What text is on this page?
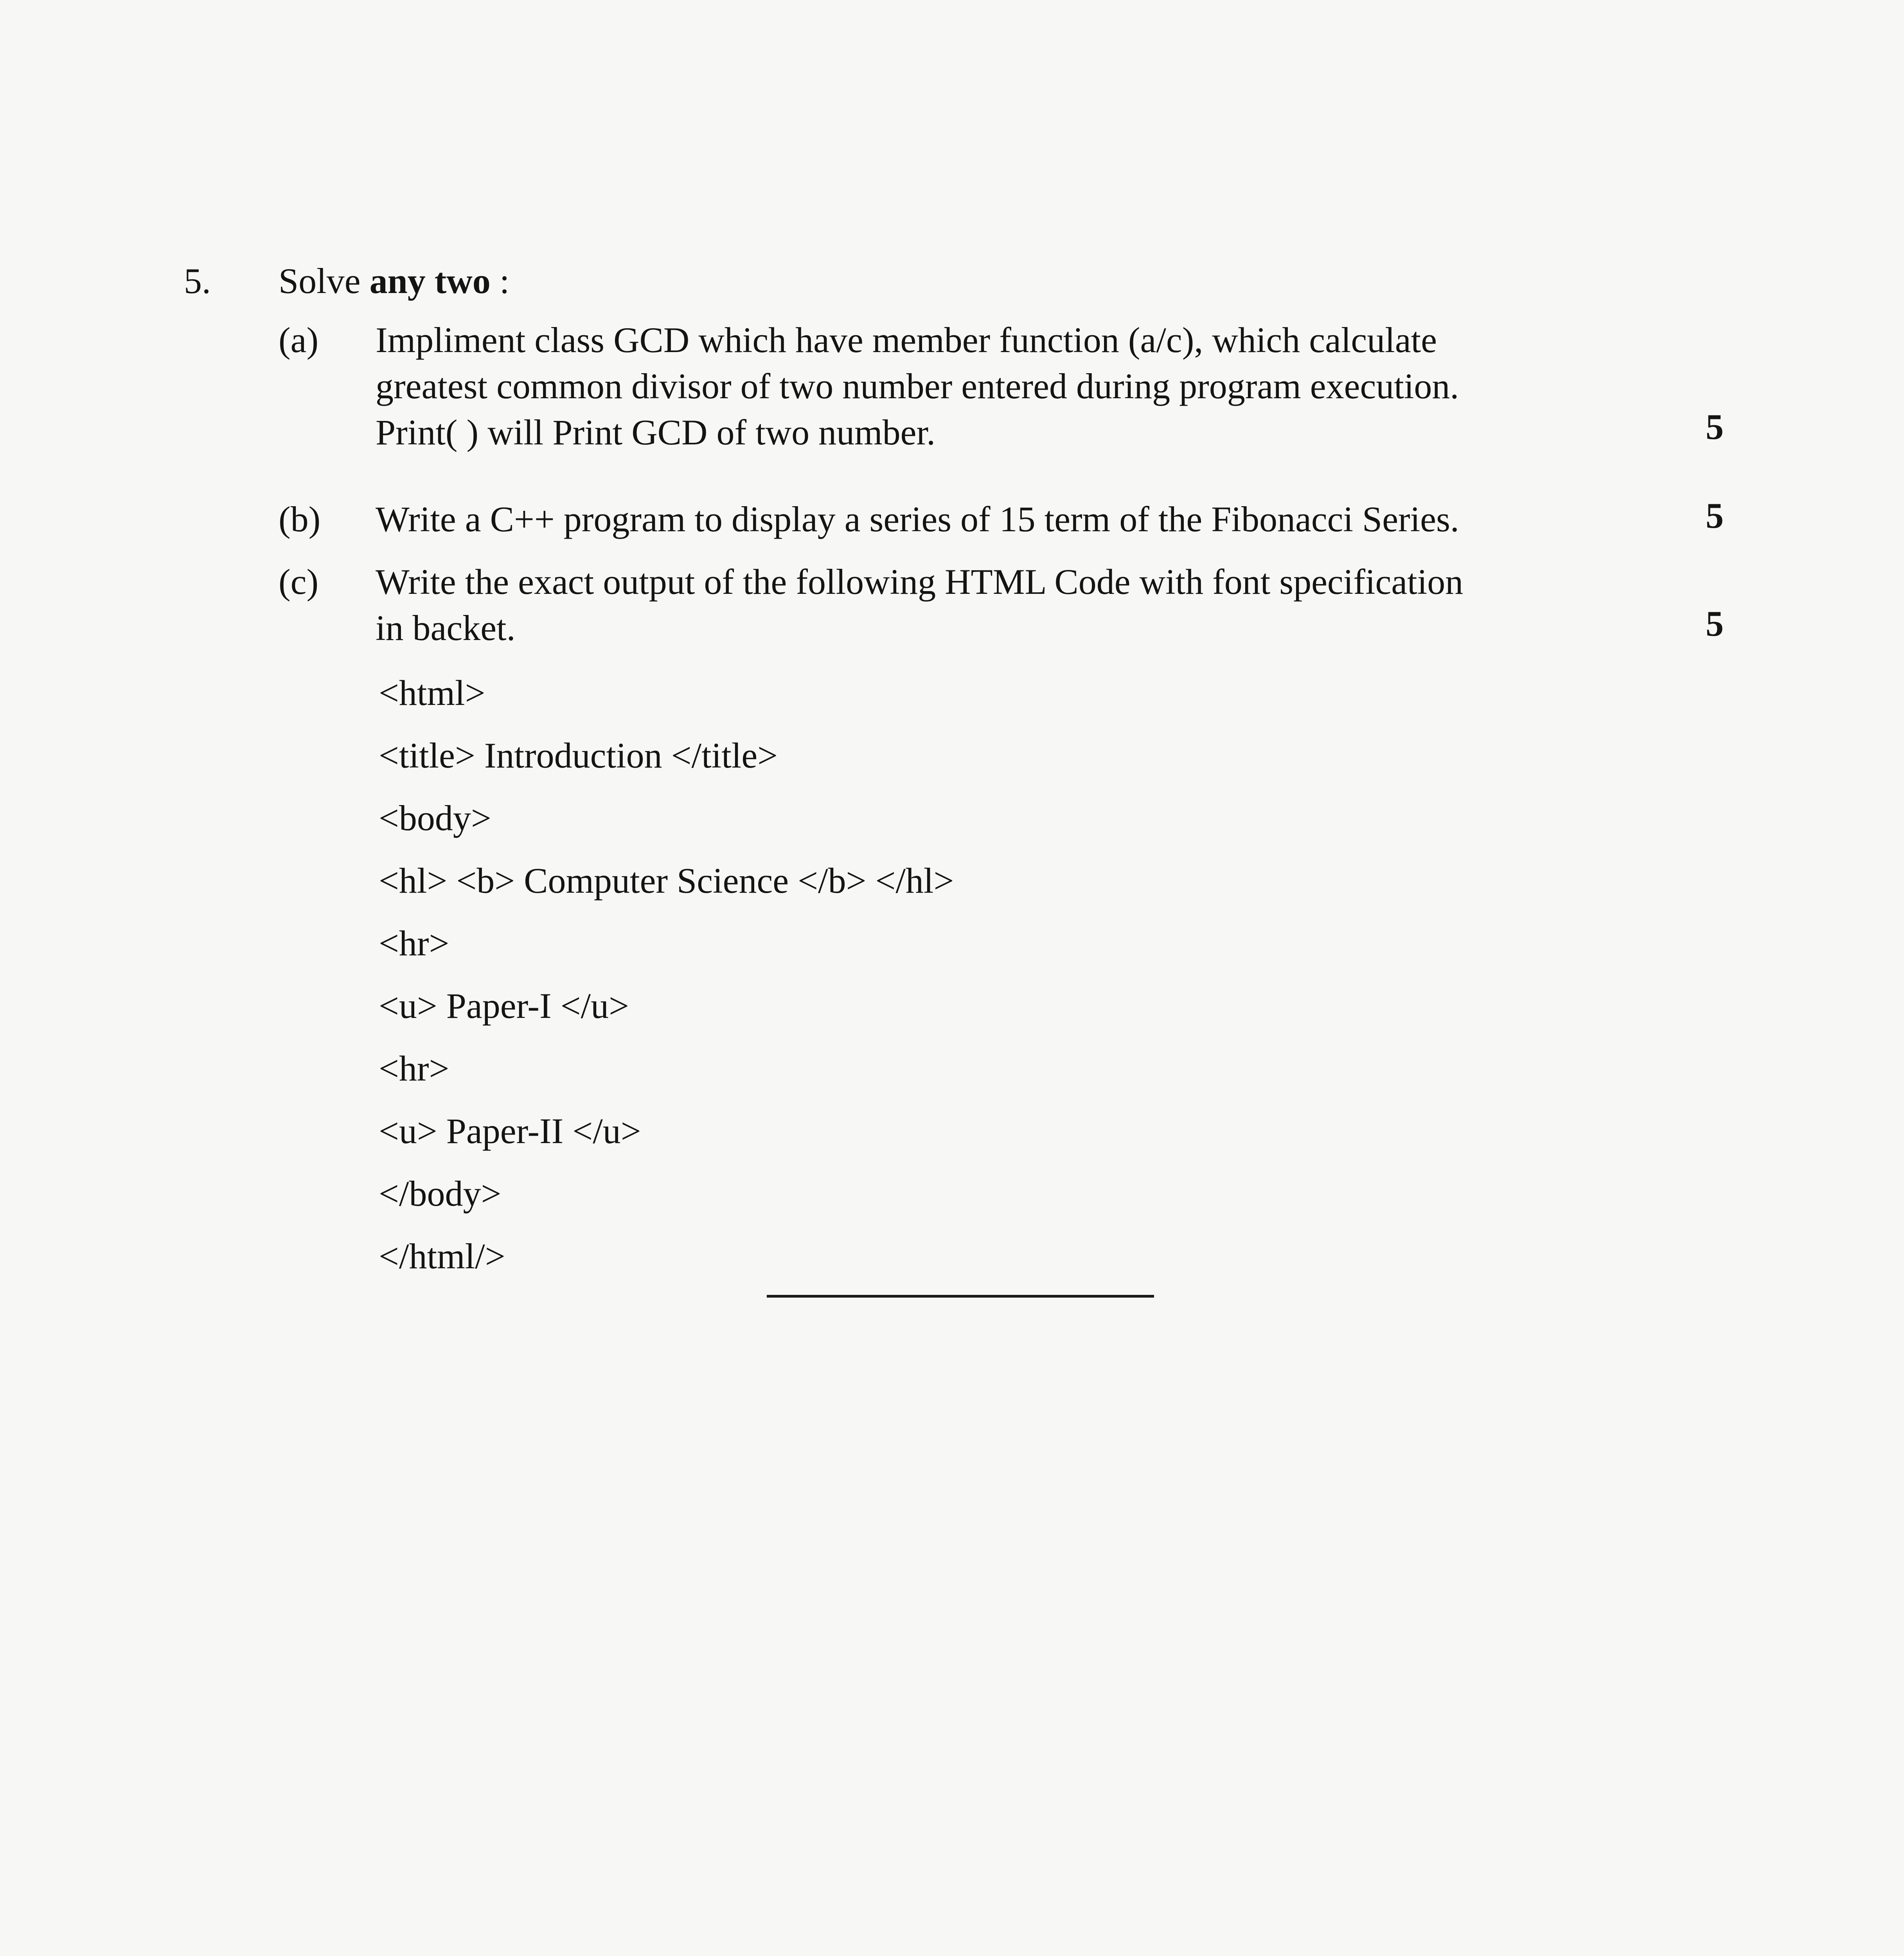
5. Solve any two :
(a) Impliment class GCD which have member function (a/c), which calculate
greatest common divisor of two number entered during program execution.
Print( ) will Print GCD of two number.	5
(b) Write a C++ program to display a series of 15 term of the Fibonacci Series.	5
(c) Write the exact output of the following HTML Code with font specification
in backet.	5
<html>
<title> Introduction </title>
<body>
<hl> <b> Computer Science </b> </hl>
<hr>
<u> Paper-I </u>
<hr>
<u> Paper-II </u>
</body>
</html/>
